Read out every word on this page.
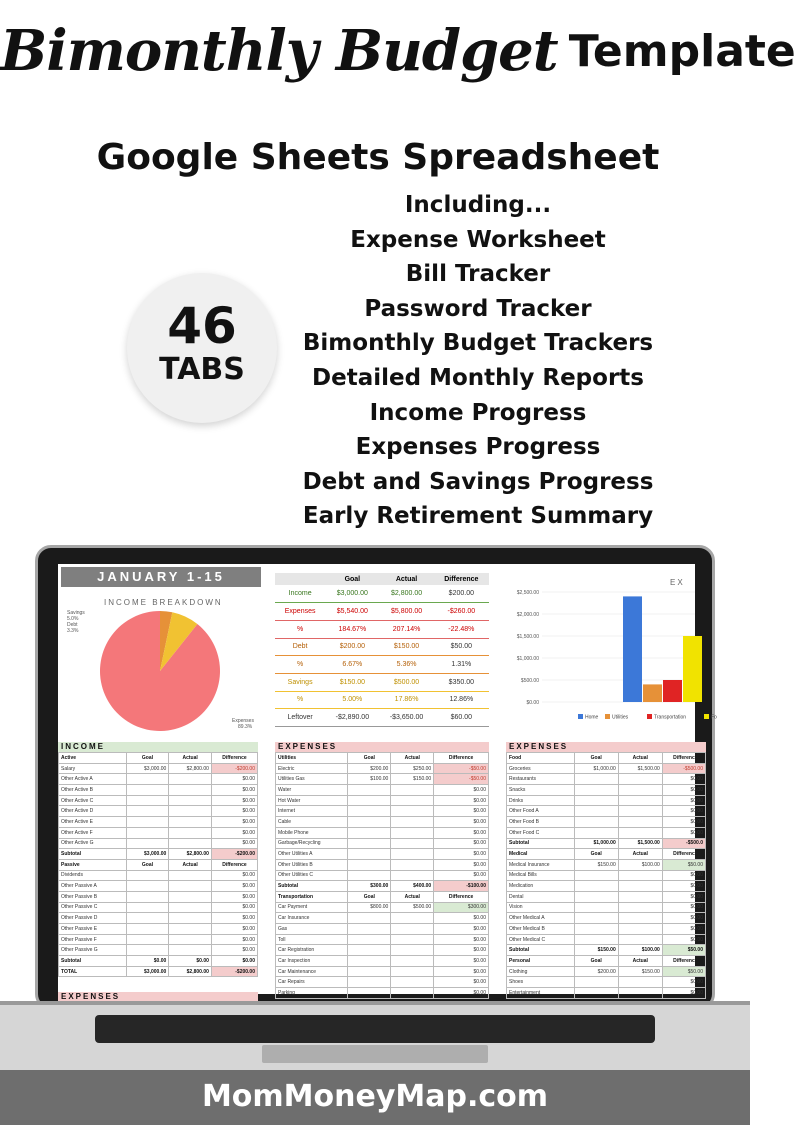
Bimonthly Budget Template
Google Sheets Spreadsheet
46
TABS
Including...
Expense Worksheet
Bill Tracker
Password Tracker
Bimonthly Budget Trackers
Detailed Monthly Reports
Income Progress
Expenses Progress
Debt and Savings Progress
Early Retirement Summary
JANUARY 1-15
INCOME BREAKDOWN
Savings
5.0%
Debt
3.3%
Expenses
89.3%
	Goal	Actual	Difference
Income	$3,000.00	$2,800.00	$200.00
Expenses	$5,540.00	$5,800.00	-$260.00
%	184.67%	207.14%	-22.48%
Debt	$200.00	$150.00	$50.00
%	6.67%	5.36%	1.31%
Savings	$150.00	$500.00	$350.00
%	5.00%	17.86%	12.86%
Leftover	-$2,890.00	-$3,650.00	$60.00
EX
$2,500.00
$2,000.00
$1,500.00
$1,000.00
$500.00
$0.00
Home	Utilities	Transportation	Fo
INCOME
Active	Goal	Actual	Difference
Salary	$3,000.00	$2,800.00	-$200.00
Other Active A			$0.00
Other Active B			$0.00
Other Active C			$0.00
Other Active D			$0.00
Other Active E			$0.00
Other Active F			$0.00
Other Active G			$0.00
Subtotal	$3,000.00	$2,800.00	-$200.00
Passive	Goal	Actual	Difference
Dividends			$0.00
Other Passive A			$0.00
Other Passive B			$0.00
Other Passive C			$0.00
Other Passive D			$0.00
Other Passive E			$0.00
Other Passive F			$0.00
Other Passive G			$0.00
Subtotal	$0.00	$0.00	$0.00
TOTAL	$3,000.00	$2,800.00	-$200.00
EXPENSES
EXPENSES
Utilities	Goal	Actual	Difference
Electric	$200.00	$250.00	-$50.00
Utilities Gas	$100.00	$150.00	-$50.00
Water			$0.00
Hot Water			$0.00
Internet			$0.00
Cable			$0.00
Mobile Phone			$0.00
Garbage/Recycling			$0.00
Other Utilities A			$0.00
Other Utilities B			$0.00
Other Utilities C			$0.00
Subtotal	$300.00	$400.00	-$100.00
Transportation	Goal	Actual	Difference
Car Payment	$800.00	$500.00	$300.00
Car Insurance			$0.00
Gas			$0.00
Toll			$0.00
Car Registration			$0.00
Car Inspection			$0.00
Car Maintenance			$0.00
Car Repairs			$0.00
Parking			$0.00
EXPENSES
Food	Goal	Actual	Differenc
Groceries	$1,000.00	$1,500.00	-$500.00
Restaurants			$0.00
Snacks			$0.00
Drinks			$0.00
Other Food A			$0.00
Other Food B			$0.00
Other Food C			$0.00
Subtotal	$1,000.00	$1,500.00	-$500.0
Medical	Goal	Actual	Differenc
Medical Insurance	$150.00	$100.00	$50.00
Medical Bills			$0.00
Medication			$0.00
Dental			$0.00
Vision			$0.00
Other Medical A			$0.00
Other Medical B			$0.00
Other Medical C			$0.00
Subtotal	$150.00	$100.00	$50.00
Personal	Goal	Actual	Differenc
Clothing	$200.00	$150.00	$50.00
Shoes			$0.00
Entertainment			$0.00
MomMoneyMap.com
